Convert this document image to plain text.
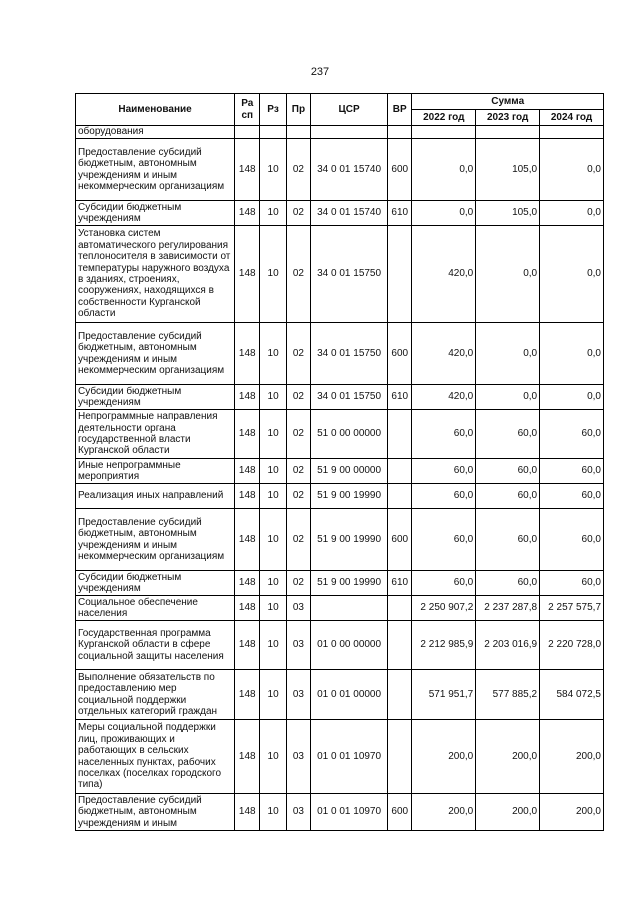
237
Наименование	Ра сп	Рз	Пр	ЦСР	ВР	Сумма		
						2022 год	2023 год	2024 год
оборудования								
Предоставление субсидий бюджетным, автономным учреждениям и иным некоммерческим организациям	148	10	02	34 0 01 15740	600	0,0	105,0	0,0
Субсидии бюджетным учреждениям	148	10	02	34 0 01 15740	610	0,0	105,0	0,0
Установка систем автоматического регулирования теплоносителя в зависимости от температуры наружного воздуха в зданиях, строениях, сооружениях, находящихся в собственности Курганской области	148	10	02	34 0 01 15750		420,0	0,0	0,0
Предоставление субсидий бюджетным, автономным учреждениям и иным некоммерческим организациям	148	10	02	34 0 01 15750	600	420,0	0,0	0,0
Субсидии бюджетным учреждениям	148	10	02	34 0 01 15750	610	420,0	0,0	0,0
Непрограммные направления деятельности органа государственной власти Курганской области	148	10	02	51 0 00 00000		60,0	60,0	60,0
Иные непрограммные мероприятия	148	10	02	51 9 00 00000		60,0	60,0	60,0
Реализация иных направлений	148	10	02	51 9 00 19990		60,0	60,0	60,0
Предоставление субсидий бюджетным, автономным учреждениям и иным некоммерческим организациям	148	10	02	51 9 00 19990	600	60,0	60,0	60,0
Субсидии бюджетным учреждениям	148	10	02	51 9 00 19990	610	60,0	60,0	60,0
Социальное обеспечение населения	148	10	03			2 250 907,2	2 237 287,8	2 257 575,7
Государственная программа Курганской области в сфере социальной защиты населения	148	10	03	01 0 00 00000		2 212 985,9	2 203 016,9	2 220 728,0
Выполнение обязательств по предоставлению мер социальной поддержки отдельных категорий граждан	148	10	03	01 0 01 00000		571 951,7	577 885,2	584 072,5
Меры социальной поддержки лиц, проживающих и работающих в сельских населенных пунктах, рабочих поселках (поселках городского типа)	148	10	03	01 0 01 10970		200,0	200,0	200,0
Предоставление субсидий бюджетным, автономным учреждениям и иным	148	10	03	01 0 01 10970	600	200,0	200,0	200,0
